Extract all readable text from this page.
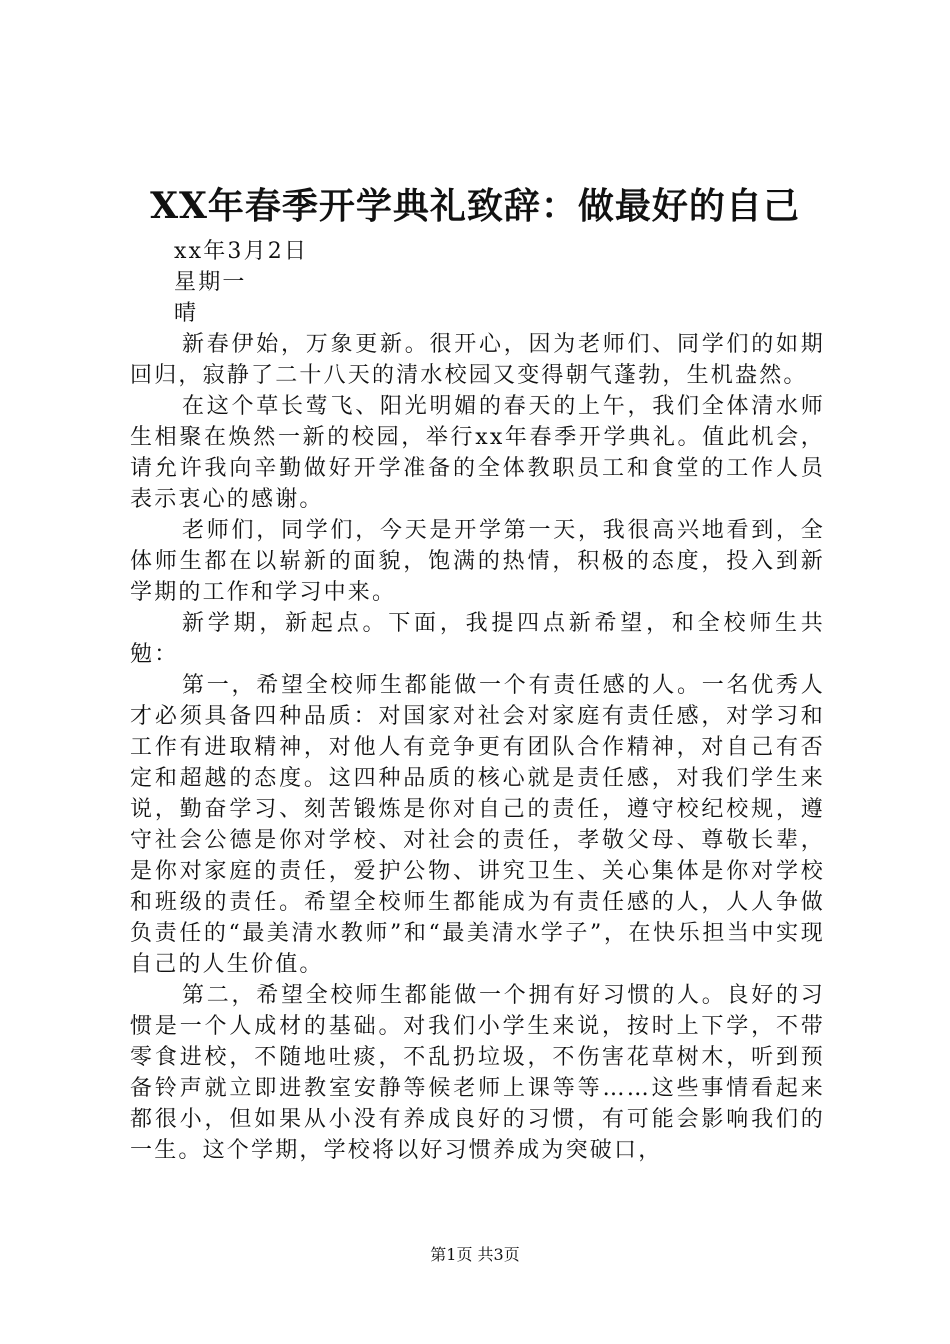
XX年春季开学典礼致辞：做最好的自己

xx年3月2日

星期一

晴

新春伊始，万象更新。很开心，因为老师们、同学们的如期回归，寂静了二十八天的清水校园又变得朝气蓬勃，生机盎然。

在这个草长莺飞、阳光明媚的春天的上午，我们全体清水师生相聚在焕然一新的校园，举行xx年春季开学典礼。值此机会，请允许我向辛勤做好开学准备的全体教职员工和食堂的工作人员表示衷心的感谢。

老师们，同学们，今天是开学第一天，我很高兴地看到，全体师生都在以崭新的面貌，饱满的热情，积极的态度，投入到新学期的工作和学习中来。

新学期，新起点。下面，我提四点新希望，和全校师生共勉：

第一，希望全校师生都能做一个有责任感的人。一名优秀人才必须具备四种品质：对国家对社会对家庭有责任感，对学习和工作有进取精神，对他人有竞争更有团队合作精神，对自己有否定和超越的态度。这四种品质的核心就是责任感，对我们学生来说，勤奋学习、刻苦锻炼是你对自己的责任，遵守校纪校规，遵守社会公德是你对学校、对社会的责任，孝敬父母、尊敬长辈，是你对家庭的责任，爱护公物、讲究卫生、关心集体是你对学校和班级的责任。希望全校师生都能成为有责任感的人，人人争做负责任的“最美清水教师”和“最美清水学子”，在快乐担当中实现自己的人生价值。

第二，希望全校师生都能做一个拥有好习惯的人。良好的习惯是一个人成材的基础。对我们小学生来说，按时上下学，不带零食进校，不随地吐痰，不乱扔垃圾，不伤害花草树木，听到预备铃声就立即进教室安静等候老师上课等等……这些事情看起来都很小，但如果从小没有养成良好的习惯，有可能会影响我们的一生。这个学期，学校将以好习惯养成为突破口，

第1页 共3页
